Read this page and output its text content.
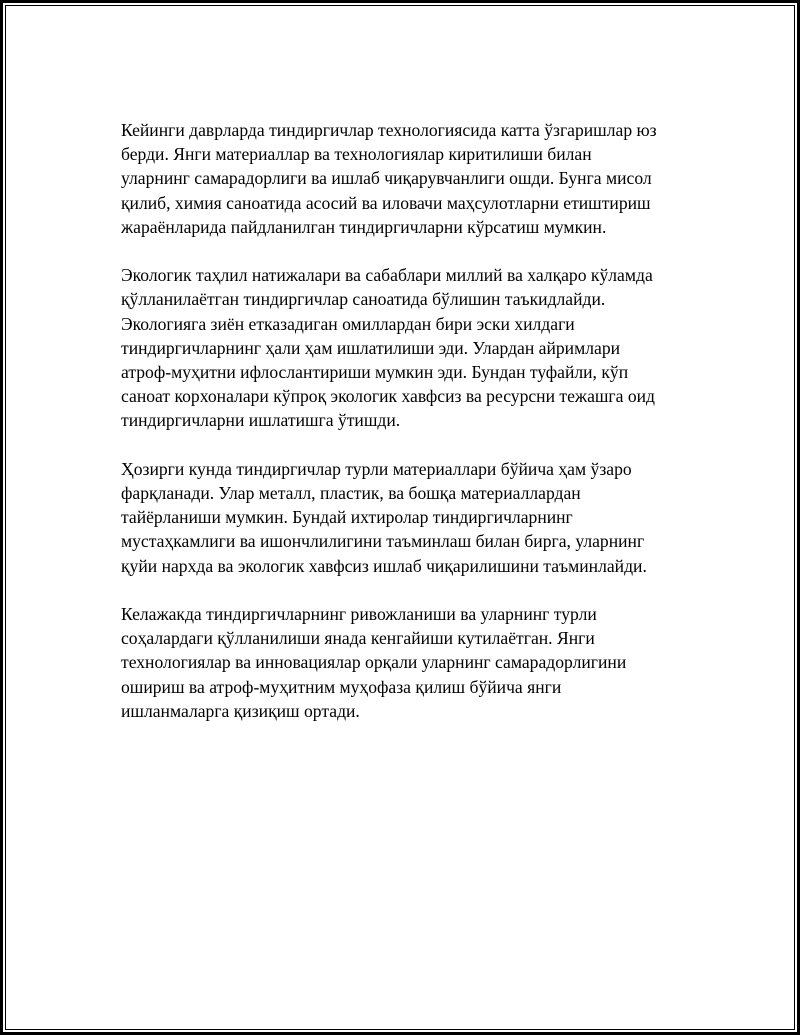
Кейинги даврларда тиндиргичлар технологиясида катта ўзгаришлар юз
берди. Янги материаллар ва технологиялар киритилиши билан
уларнинг самарадорлиги ва ишлаб чиқарувчанлиги ошди. Бунга мисол
қилиб, химия саноатида асосий ва иловачи маҳсулотларни етиштириш
жараёнларида пайдланилган тиндиргичларни кўрсатиш мумкин.

Экологик таҳлил натижалари ва сабаблари миллий ва халқаро кўламда
қўлланилаётган тиндиргичлар саноатида бўлишин таъкидлайди.
Экологияга зиён етказадиган омиллардан бири эски хилдаги
тиндиргичларнинг ҳали ҳам ишлатилиши эди. Улардан айримлари
атроф-муҳитни ифлослантириши мумкин эди. Бундан туфайли, кўп
саноат корхоналари кўпроқ экологик хавфсиз ва ресурсни тежашга оид
тиндиргичларни ишлатишга ўтишди.

Ҳозирги кунда тиндиргичлар турли материаллари бўйича ҳам ўзаро
фарқланади. Улар металл, пластик, ва бошқа материаллардан
тайёрланиши мумкин. Бундай ихтиролар тиндиргичларнинг
мустаҳкамлиги ва ишончлилигини таъминлаш билан бирга, уларнинг
қуйи нархда ва экологик хавфсиз ишлаб чиқарилишини таъминлайди.

Келажакда тиндиргичларнинг ривожланиши ва уларнинг турли
соҳалардаги қўлланилиши янада кенгайиши кутилаётган. Янги
технологиялар ва инновациялар орқали уларнинг самарадорлигини
ошириш ва атроф-муҳитним муҳофаза қилиш бўйича янги
ишланмаларга қизиқиш ортади.
